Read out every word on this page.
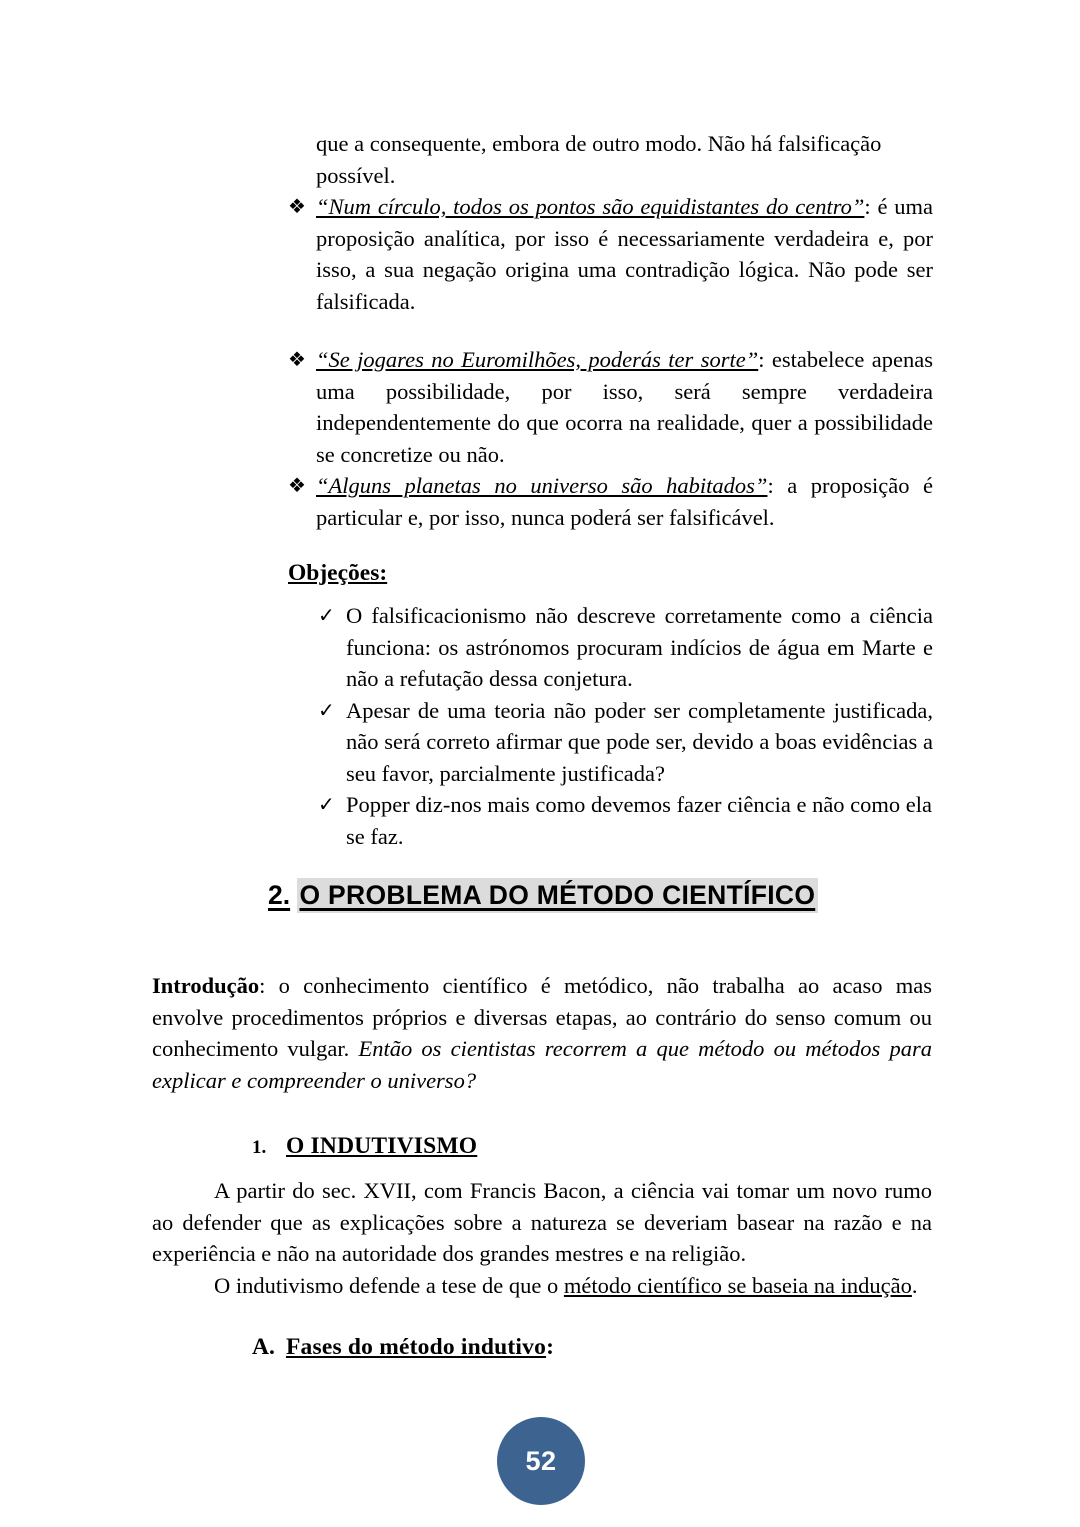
que a consequente, embora de outro modo. Não há falsificação possível.

❖ “Num círculo, todos os pontos são equidistantes do centro”: é uma proposição analítica, por isso é necessariamente verdadeira e, por isso, a sua negação origina uma contradição lógica. Não pode ser falsificada.
❖ “Se jogares no Euromilhões, poderás ter sorte”: estabelece apenas uma possibilidade, por isso, será sempre verdadeira independentemente do que ocorra na realidade, quer a possibilidade se concretize ou não.
❖ “Alguns planetas no universo são habitados”: a proposição é particular e, por isso, nunca poderá ser falsificável.
Objeções:
✓ O falsificacionismo não descreve corretamente como a ciência funciona: os astrónomos procuram indícios de água em Marte e não a refutação dessa conjetura.
✓ Apesar de uma teoria não poder ser completamente justificada, não será correto afirmar que pode ser, devido a boas evidências a seu favor, parcialmente justificada?
✓ Popper diz-nos mais como devemos fazer ciência e não como ela se faz.
2. O PROBLEMA DO MÉTODO CIENTÍFICO

Introdução: o conhecimento científico é metódico, não trabalha ao acaso mas envolve procedimentos próprios e diversas etapas, ao contrário do senso comum ou conhecimento vulgar. Então os cientistas recorrem a que método ou métodos para explicar e compreender o universo?

1. O INDUTIVISMO

A partir do sec. XVII, com Francis Bacon, a ciência vai tomar um novo rumo ao defender que as explicações sobre a natureza se deveriam basear na razão e na experiência e não na autoridade dos grandes mestres e na religião.

O indutivismo defende a tese de que o método científico se baseia na indução.

A. Fases do método indutivo :
52
